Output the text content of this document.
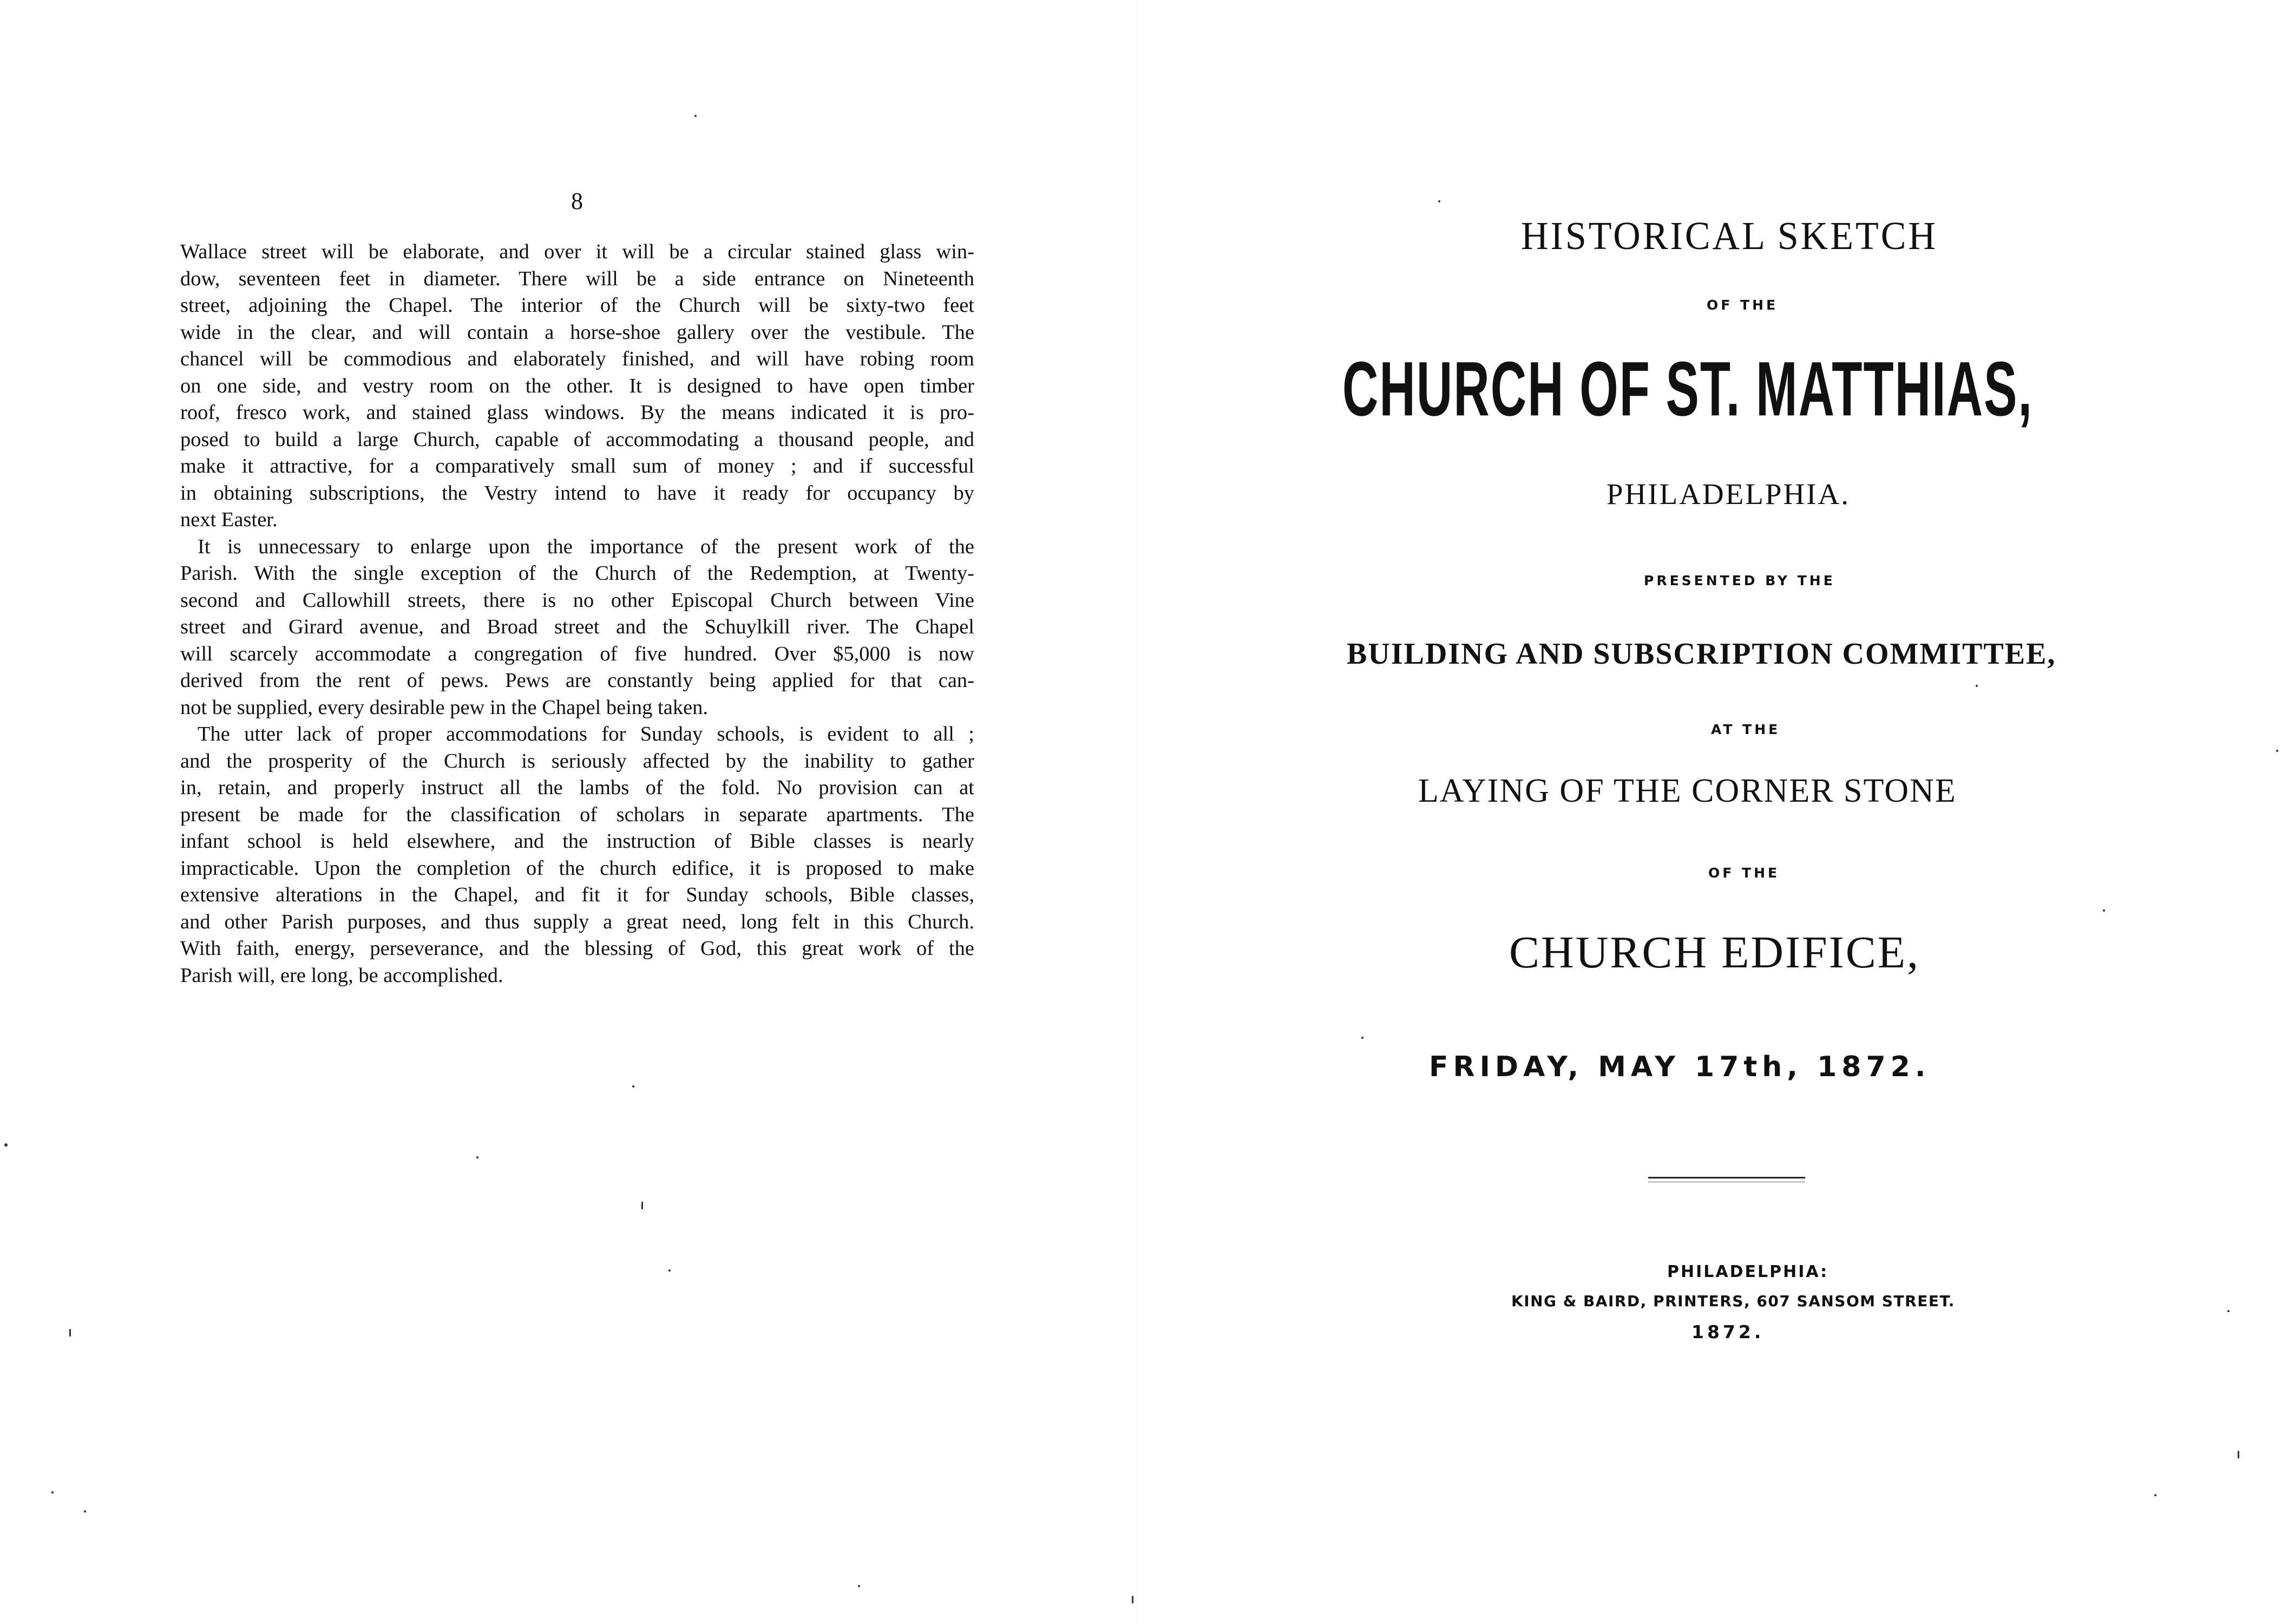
8
Wallace street will be elaborate, and over it will be a circular stained glass win-
dow, seventeen feet in diameter. There will be a side entrance on Nineteenth
street, adjoining the Chapel. The interior of the Church will be sixty-two feet
wide in the clear, and will contain a horse-shoe gallery over the vestibule. The
chancel will be commodious and elaborately finished, and will have robing room
on one side, and vestry room on the other. It is designed to have open timber
roof, fresco work, and stained glass windows. By the means indicated it is pro-
posed to build a large Church, capable of accommodating a thousand people, and
make it attractive, for a comparatively small sum of money ; and if successful
in obtaining subscriptions, the Vestry intend to have it ready for occupancy by
next Easter.
It is unnecessary to enlarge upon the importance of the present work of the
Parish. With the single exception of the Church of the Redemption, at Twenty-
second and Callowhill streets, there is no other Episcopal Church between Vine
street and Girard avenue, and Broad street and the Schuylkill river. The Chapel
will scarcely accommodate a congregation of five hundred. Over $5,000 is now
derived from the rent of pews. Pews are constantly being applied for that can-
not be supplied, every desirable pew in the Chapel being taken.
The utter lack of proper accommodations for Sunday schools, is evident to all ;
and the prosperity of the Church is seriously affected by the inability to gather
in, retain, and properly instruct all the lambs of the fold. No provision can at
present be made for the classification of scholars in separate apartments. The
infant school is held elsewhere, and the instruction of Bible classes is nearly
impracticable. Upon the completion of the church edifice, it is proposed to make
extensive alterations in the Chapel, and fit it for Sunday schools, Bible classes,
and other Parish purposes, and thus supply a great need, long felt in this Church.
With faith, energy, perseverance, and the blessing of God, this great work of the
Parish will, ere long, be accomplished.
HISTORICAL SKETCH
OF THE
CHURCH OF ST. MATTHIAS,
PHILADELPHIA.
PRESENTED BY THE
BUILDING AND SUBSCRIPTION COMMITTEE,
AT THE
LAYING OF THE CORNER STONE
OF THE
CHURCH EDIFICE,
FRIDAY, MAY 17th, 1872.
PHILADELPHIA:
KING & BAIRD, PRINTERS, 607 SANSOM STREET.
1872.
